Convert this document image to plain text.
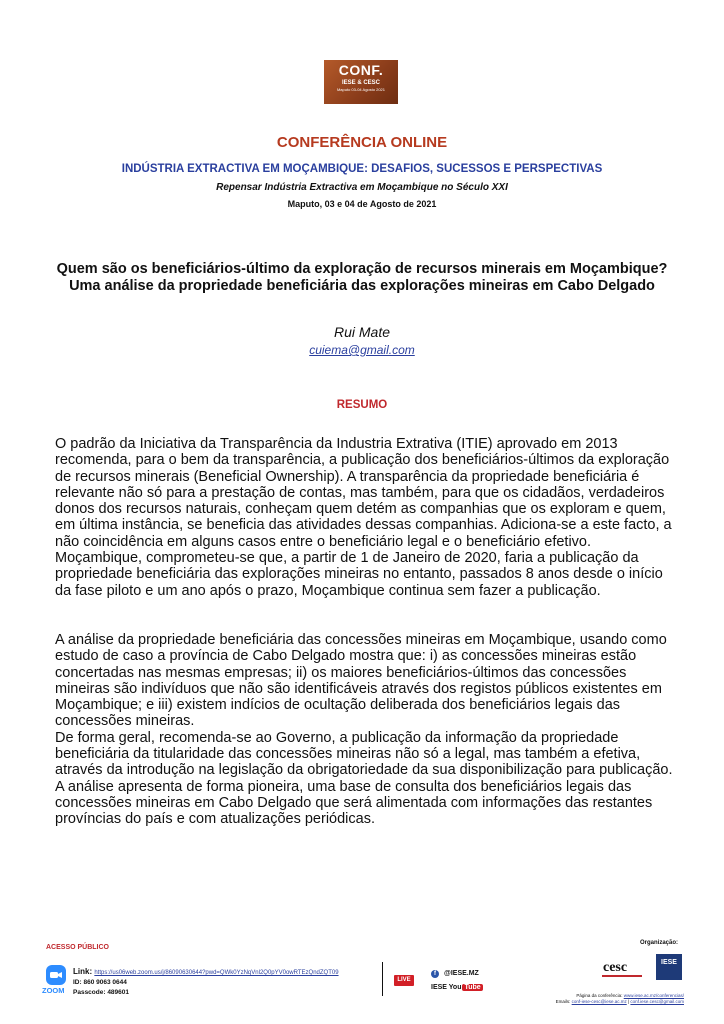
CONF.
IESE & CESC
Maputo 03-04 Agosto 2021
CONFERÊNCIA ONLINE
INDÚSTRIA EXTRACTIVA EM MOÇAMBIQUE: DESAFIOS, SUCESSOS E PERSPECTIVAS
Repensar Indústria Extractiva em Moçambique no Século XXI
Maputo, 03 e 04 de Agosto de 2021
Quem são os beneficiários-último da exploração de recursos minerais em Moçambique?
Uma análise da propriedade beneficiária das explorações mineiras em Cabo Delgado
Rui Mate
cuiema@gmail.com
RESUMO

O padrão da Iniciativa da Transparência da Industria Extrativa (ITIE) aprovado em 2013 recomenda, para o bem da transparência, a publicação dos beneficiários-últimos da exploração de recursos minerais (Beneficial Ownership). A transparência da propriedade beneficiária é relevante não só para a prestação de contas, mas também, para que os cidadãos, verdadeiros donos dos recursos naturais, conheçam quem detém as companhias que os exploram e quem, em última instância, se beneficia das atividades dessas companhias. Adiciona-se a este facto, a não coincidência em alguns casos entre o beneficiário legal e o beneficiário efetivo. Moçambique, comprometeu-se que, a partir de 1 de Janeiro de 2020, faria a publicação da propriedade beneficiária das explorações mineiras no entanto, passados 8 anos desde o início da fase piloto e um ano após o prazo, Moçambique continua sem fazer a publicação.

A análise da propriedade beneficiária das concessões mineiras em Moçambique, usando como estudo de caso a província de Cabo Delgado mostra que: i) as concessões mineiras estão concertadas nas mesmas empresas; ii) os maiores beneficiários-últimos das concessões mineiras são indivíduos que não são identificáveis através dos registos públicos existentes em Moçambique; e iii) existem indícios de ocultação deliberada dos beneficiários legais das concessões mineiras.

De forma geral, recomenda-se ao Governo, a publicação da informação da propriedade beneficiária da titularidade das concessões mineiras não só a legal, mas também a efetiva, através da introdução na legislação da obrigatoriedade da sua disponibilização para publicação. A análise apresenta de forma pioneira, uma base de consulta dos beneficiários legais das concessões mineiras em Cabo Delgado que será alimentada com informações das restantes províncias do país e com atualizações periódicas.

ACESSO PÚBLICO
ZOOM
Link: https://us06web.zoom.us/j/86090630644?pwd=QWk0YzNqVnl2Q0pYV0owRTEzQndZQT09
ID: 860 9063 0644
Passcode: 489601
LIVE
f	@IESE.MZ
IESE You Tube
Organização:
cesc	IESE
Página da conferência: www.iese.ac.mz/conferencias/
Emails: conf-iese-cesc@iese.ac.mz | conf.iese.cesc@gmail.com
